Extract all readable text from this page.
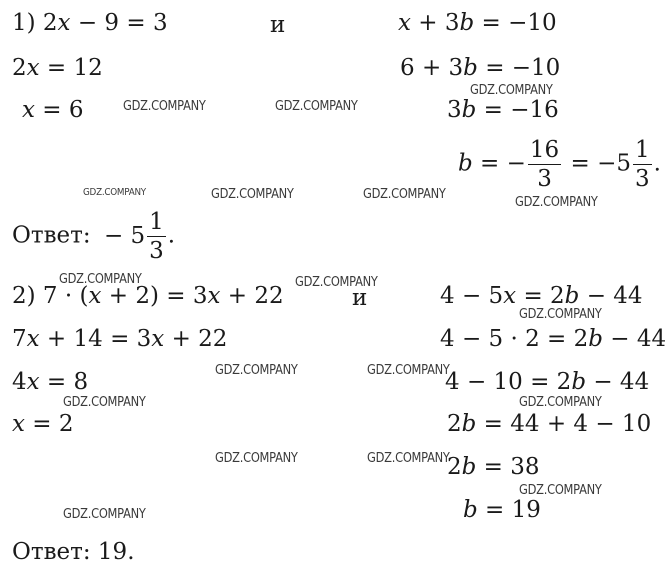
1) 2𝑥 − 9 = 3	и	𝑥 + 3𝑏 = −10
2𝑥 = 12	6 + 3𝑏 = −10
𝑥 = 6	3𝑏 = −16
𝑏 = − $\frac{16}{3} = -5 \frac{1}{3}$ .
Ответ: − $5 \frac{1}{3}$ .
2) 7 · (𝑥 + 2) = 3𝑥 + 22	и	4 − 5𝑥 = 2𝑏 − 44
7𝑥 + 14 = 3𝑥 + 22	4 − 5 · 2 = 2𝑏 − 44
4𝑥 = 8	4 − 10 = 2𝑏 − 44
𝑥 = 2	2𝑏 = 44 + 4 − 10
2𝑏 = 38
𝑏 = 19
Ответ: 19.
GDZ.COMPANY	GDZ.COMPANY
GDZ.COMPANY
GDZ.COMPANY	GDZ.COMPANY	GDZ.COMPANY
GDZ.COMPANY
GDZ.COMPANY	GDZ.COMPANY
GDZ.COMPANY
GDZ.COMPANY	GDZ.COMPANY
GDZ.COMPANY	GDZ.COMPANY
GDZ.COMPANY	GDZ.COMPANY
GDZ.COMPANY
GDZ.COMPANY
